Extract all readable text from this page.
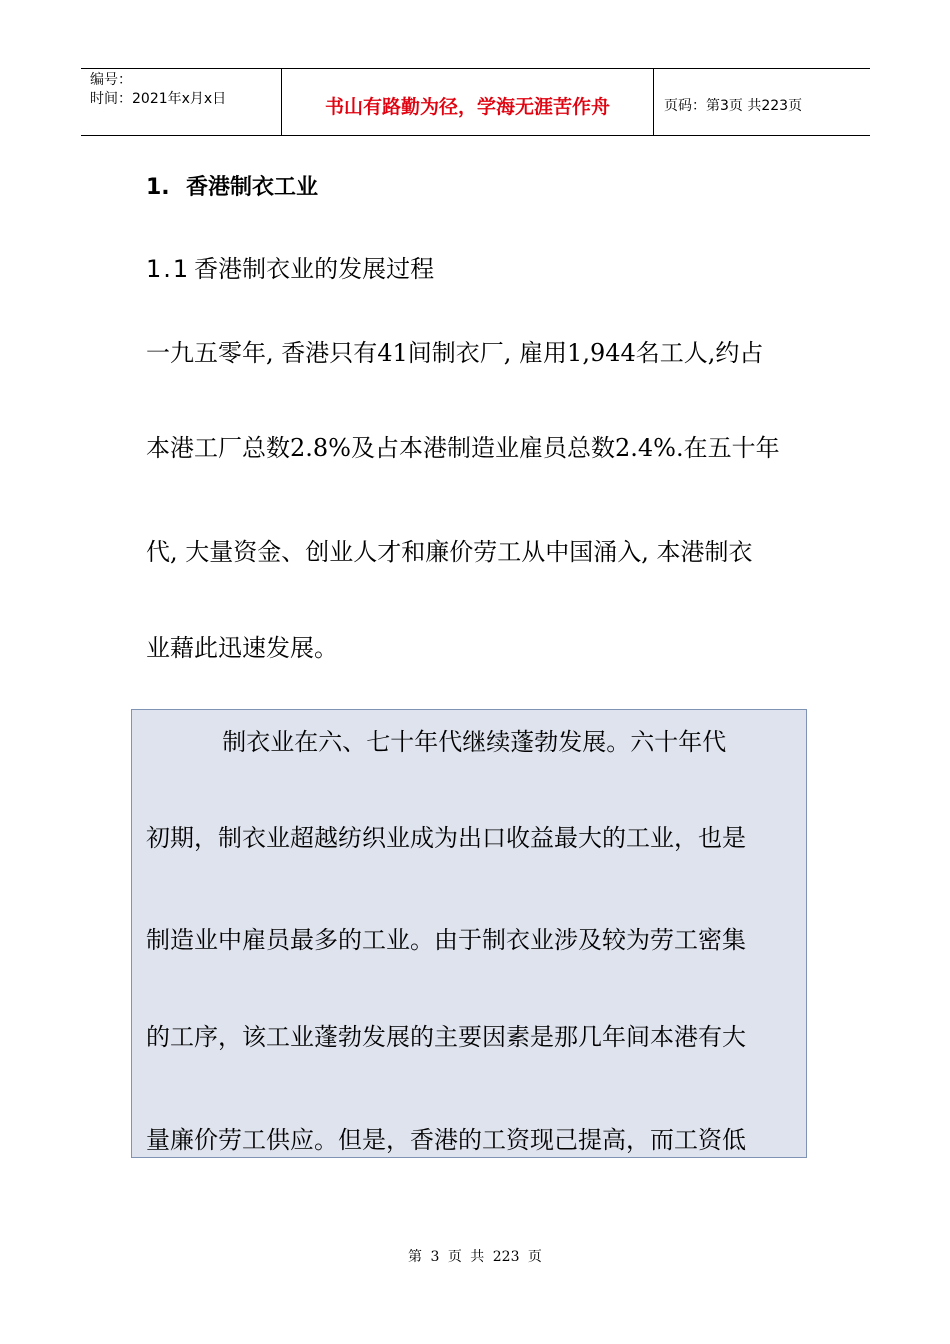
编号：
时间：2021年x月x日	书山有路勤为径，学海无涯苦作舟	页码：第3页 共223页
1. 香港制衣工业
1.1 香港制衣业的发展过程
一九五零年, 香港只有41间制衣厂, 雇用1,944名工人,约占
本港工厂总数2.8%及占本港制造业雇员总数2.4%.在五十年
代, 大量资金、创业人才和廉价劳工从中国涌入, 本港制衣
业藉此迅速发展。
制衣业在六、七十年代继续蓬勃发展。六十年代
初期，制衣业超越纺织业成为出口收益最大的工业，也是
制造业中雇员最多的工业。由于制衣业涉及较为劳工密集
的工序，该工业蓬勃发展的主要因素是那几年间本港有大
量廉价劳工供应。但是，香港的工资现己提高，而工资低
第 3 页 共 223 页
